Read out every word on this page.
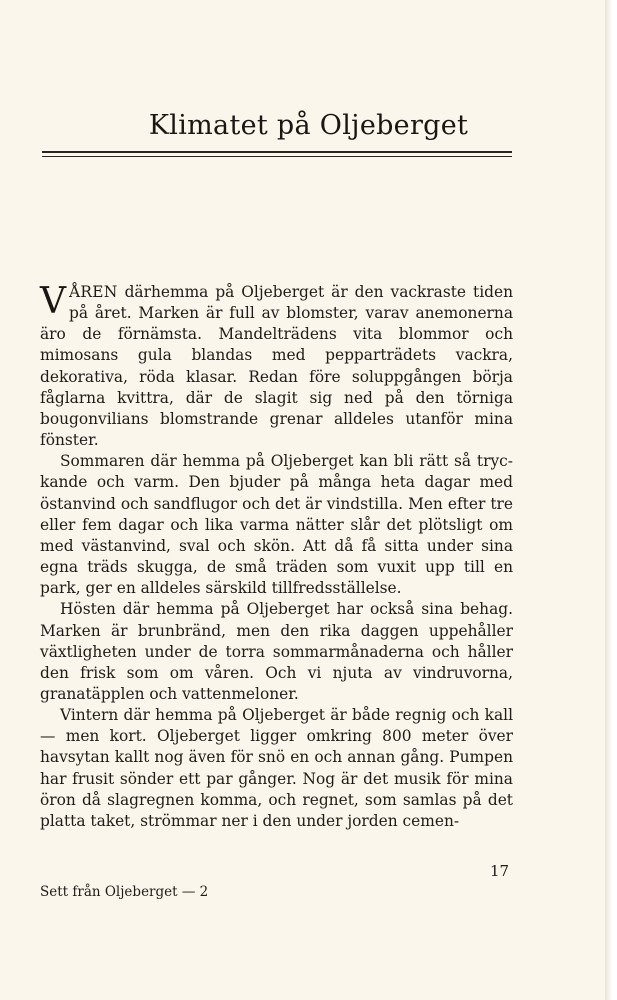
Klimatet på Oljeberget

VÅREN därhemma på Oljeberget är den vackraste tiden på året. Marken är full av blomster, varav anemonerna äro de förnämsta. Mandelträdens vita blommor och mimosans gula blandas med pepparträdets vackra, dekorativa, röda klasar. Redan före soluppgången börja fåglarna kvittra, där de slagit sig ned på den törniga bougonvilians blomstrande grenar alldeles utanför mina fönster.

Sommaren där hemma på Oljeberget kan bli rätt så tryckande och varm. Den bjuder på många heta dagar med östanvind och sandflugor och det är vindstilla. Men efter tre eller fem dagar och lika varma nätter slår det plötsligt om med västanvind, sval och skön. Att då få sitta under sina egna träds skugga, de små träden som vuxit upp till en park, ger en alldeles särskild tillfredsställelse.

Hösten där hemma på Oljeberget har också sina behag. Marken är brunbränd, men den rika daggen uppehåller växtligheten under de torra sommarmånaderna och håller den frisk som om våren. Och vi njuta av vindruvorna, granatäpplen och vattenmeloner.

Vintern där hemma på Oljeberget är både regnig och kall — men kort. Oljeberget ligger omkring 800 meter över havsytan kallt nog även för snö en och annan gång. Pumpen har frusit sönder ett par gånger. Nog är det musik för mina öron då slagregnen komma, och regnet, som samlas på det platta taket, strömmar ner i den under jorden cemen-

17
Sett från Oljeberget — 2
